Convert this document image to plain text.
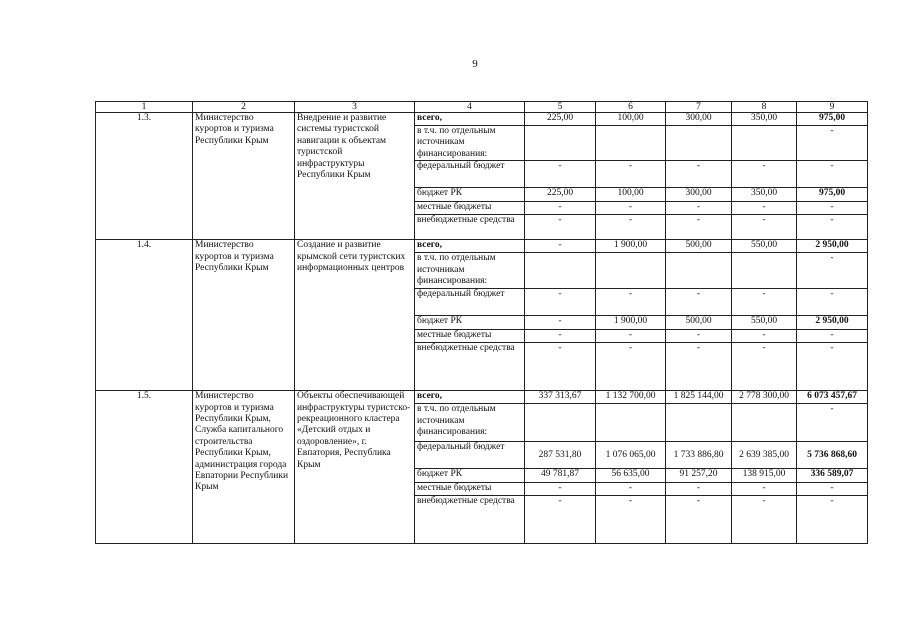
9
1	2	3	4	5	6	7	8	9
1.3.	Министерство курортов и туризма Республики Крым	Внедрение и развитие системы туристской навигации к объектам туристской инфраструктуры Республики Крым	всего,	225,00	100,00	300,00	350,00	975,00
			в т.ч. по отдельным источникам финансирования:					-
			федеральный бюджет	-	-	-	-	-
			бюджет РК	225,00	100,00	300,00	350,00	975,00
			местные бюджеты	-	-	-	-	-
			внебюджетные средства	-	-	-	-	-
1.4.	Министерство курортов и туризма Республики Крым	Создание и развитие крымской сети туристских информационных центров	всего,	-	1 900,00	500,00	550,00	2 950,00
			в т.ч. по отдельным источникам финансирования:					-
			федеральный бюджет	-	-	-	-	-
			бюджет РК	-	1 900,00	500,00	550,00	2 950,00
			местные бюджеты	-	-	-	-	-
			внебюджетные средства	-	-	-	-	-
1.5.	Министерство курортов и туризма Республики Крым, Служба капитального строительства Республики Крым, администрация города Евпатории Республики Крым	Объекты обеспечивающей инфраструктуры туристско-рекреационного кластера «Детский отдых и оздоровление», г. Евпатория, Республика Крым	всего,	337 313,67	1 132 700,00	1 825 144,00	2 778 300,00	6 073 457,67
			в т.ч. по отдельным источникам финансирования:					-
			федеральный бюджет	287 531,80	1 076 065,00	1 733 886,80	2 639 385,00	5 736 868,60
			бюджет РК	49 781,87	56 635,00	91 257,20	138 915,00	336 589,07
			местные бюджеты	-	-	-	-	-
			внебюджетные средства	-	-	-	-	-
